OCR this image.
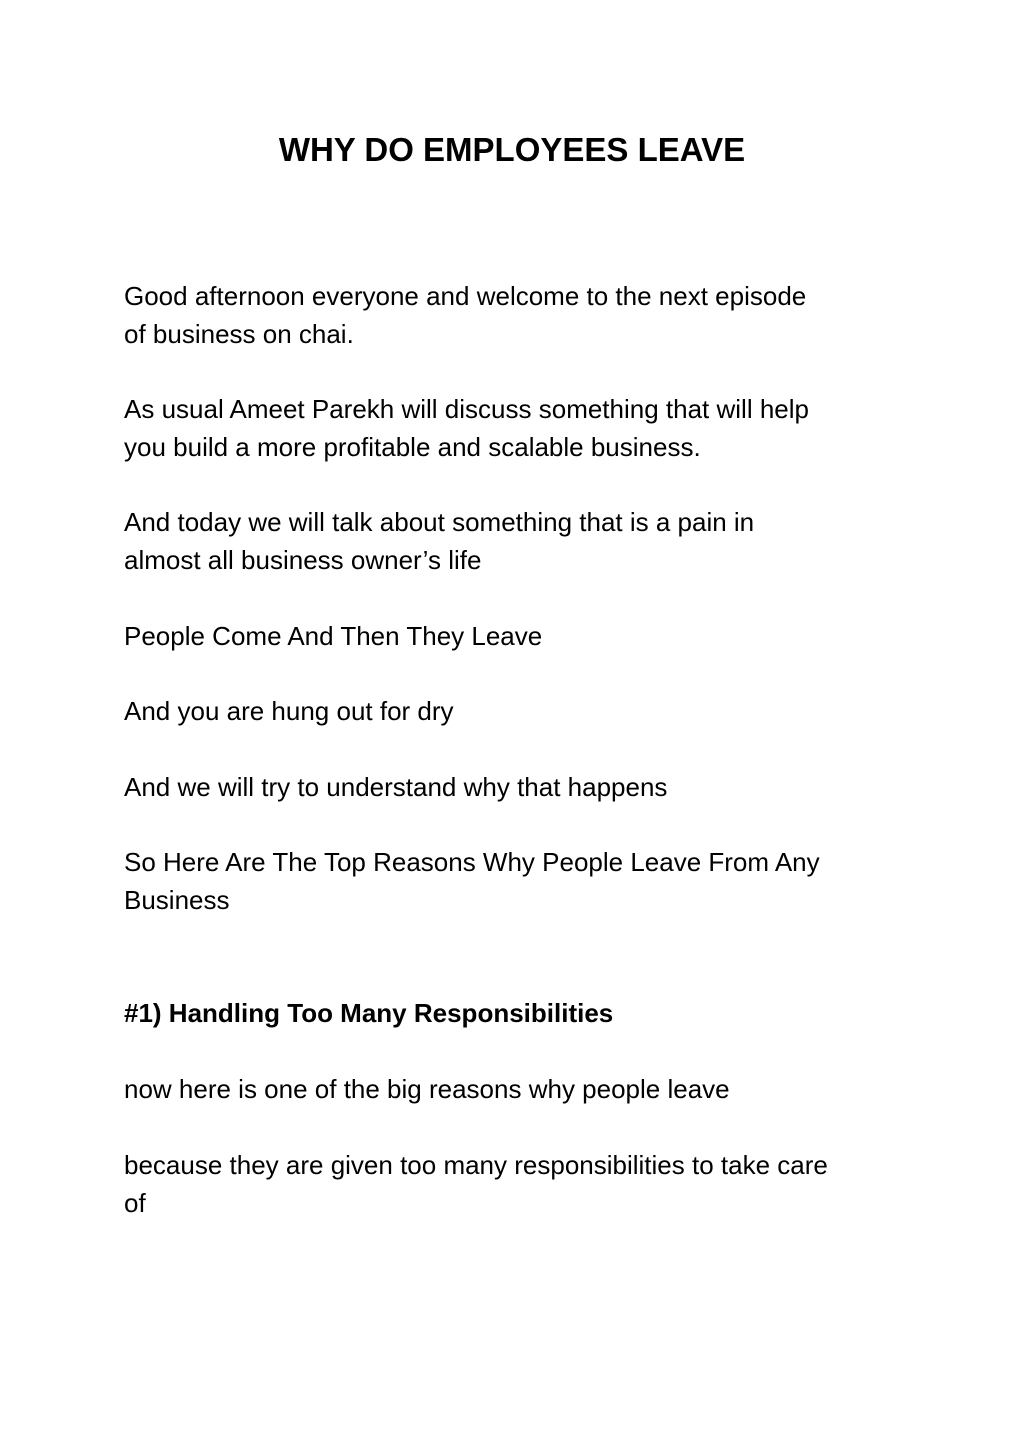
WHY DO EMPLOYEES LEAVE

Good afternoon everyone and welcome to the next episode
of business on chai.

As usual Ameet Parekh will discuss something that will help
you build a more profitable and scalable business.

And today we will talk about something that is a pain in
almost all business owner’s life

People Come And Then They Leave

And you are hung out for dry

And we will try to understand why that happens

So Here Are The Top Reasons Why People Leave From Any
Business

#1) Handling Too Many Responsibilities

now here is one of the big reasons why people leave

because they are given too many responsibilities to take care
of
